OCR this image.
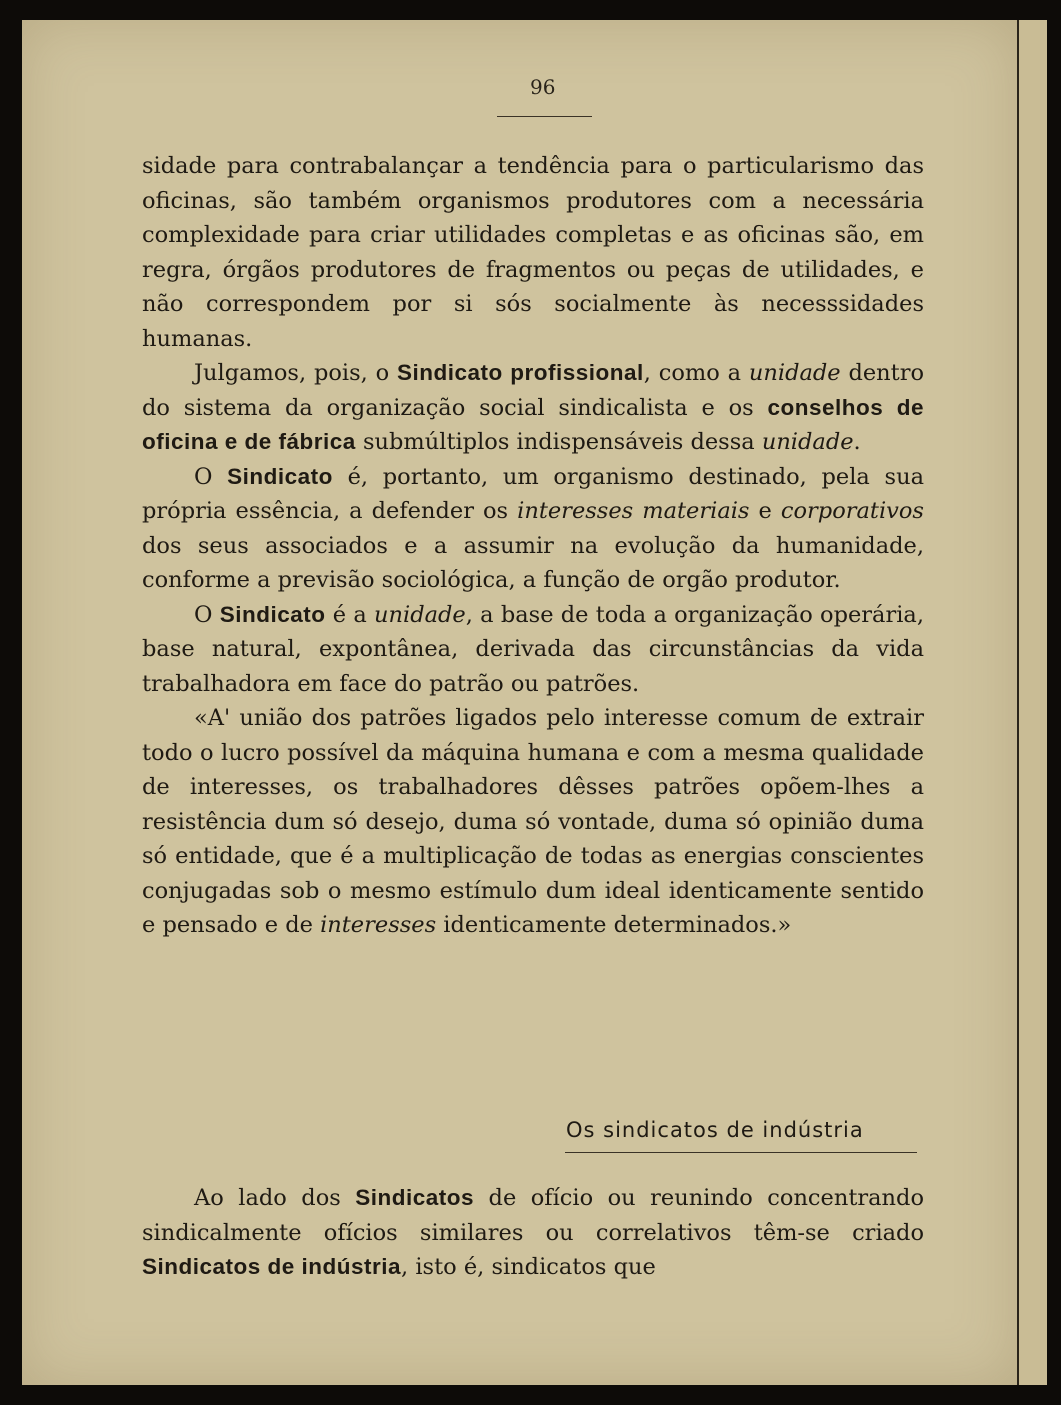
96

sidade para contrabalançar a tendência para o particularismo das oficinas, são também organismos produtores com a necessária complexidade para criar utilidades completas e as oficinas são, em regra, órgãos produtores de fragmentos ou peças de utilidades, e não correspondem por si sós socialmente às necesssidades humanas.

Julgamos, pois, o Sindicato profissional, como a unidade dentro do sistema da organização social sindicalista e os conselhos de oficina e de fábrica submúltiplos indispensáveis dessa unidade.

O Sindicato é, portanto, um organismo destinado, pela sua própria essência, a defender os interesses materiais e corporativos dos seus associados e a assumir na evolução da humanidade, conforme a previsão sociológica, a função de orgão produtor.

O Sindicato é a unidade, a base de toda a organização operária, base natural, expontânea, derivada das circunstâncias da vida trabalhadora em face do patrão ou patrões.

«A' união dos patrões ligados pelo interesse comum de extrair todo o lucro possível da máquina humana e com a mesma qualidade de interesses, os trabalhadores dêsses patrões opõem-lhes a resistência dum só desejo, duma só vontade, duma só opinião duma só entidade, que é a multiplicação de todas as energias conscientes conjugadas sob o mesmo estímulo dum ideal identicamente sentido e pensado e de interesses identicamente determinados.»

Os sindicatos de indústria

Ao lado dos Sindicatos de ofício ou reunindo concentrando sindicalmente ofícios similares ou correlativos têm-se criado Sindicatos de indústria, isto é, sindicatos que
